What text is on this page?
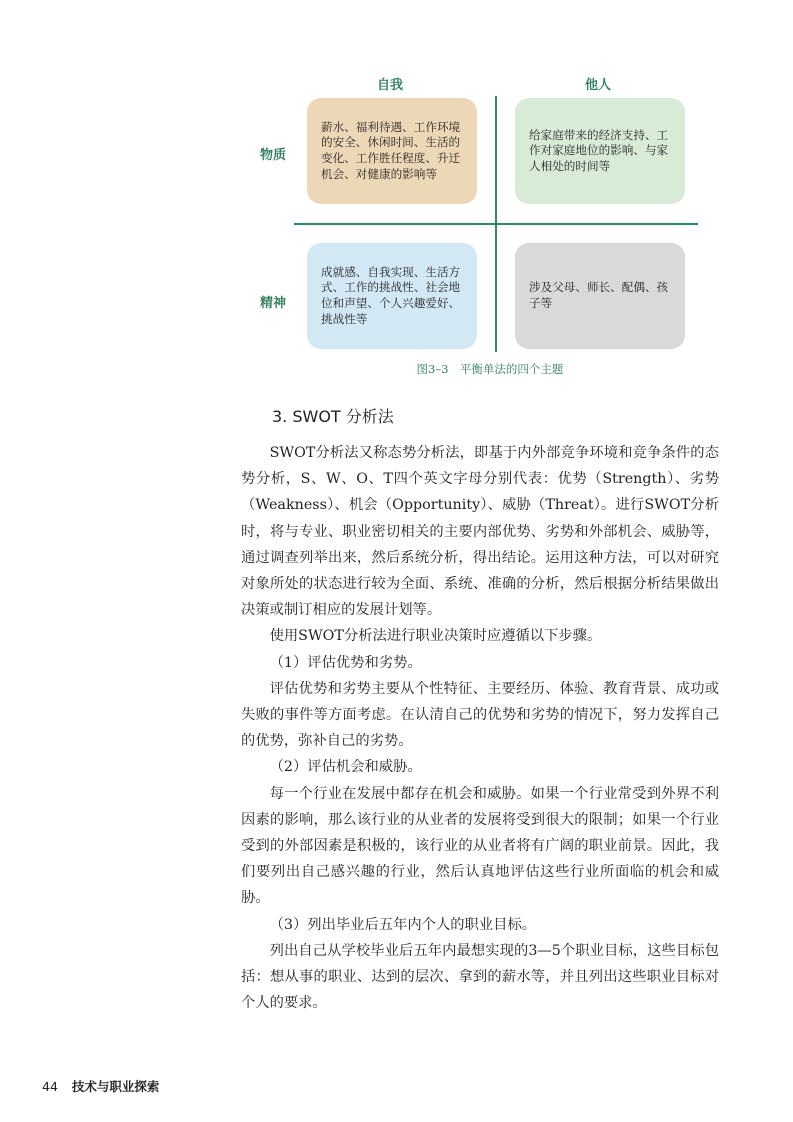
自我	他人
物质
精神
薪水、福利待遇、工作环境的安全、休闲时间、生活的变化、工作胜任程度、升迁机会、对健康的影响等
给家庭带来的经济支持、工作对家庭地位的影响、与家人相处的时间等
成就感、自我实现、生活方式、工作的挑战性、社会地位和声望、个人兴趣爱好、挑战性等
涉及父母、师长、配偶、孩子等
图3–3　平衡单法的四个主题
3. SWOT 分析法

SWOT分析法又称态势分析法，即基于内外部竞争环境和竞争条件的态势分析，S、W、O、T四个英文字母分别代表：优势（Strength）、劣势（Weakness）、机会（Opportunity）、威胁（Threat）。进行SWOT分析时，将与专业、职业密切相关的主要内部优势、劣势和外部机会、威胁等，通过调查列举出来，然后系统分析，得出结论。运用这种方法，可以对研究对象所处的状态进行较为全面、系统、准确的分析，然后根据分析结果做出决策或制订相应的发展计划等。

使用SWOT分析法进行职业决策时应遵循以下步骤。

（1）评估优势和劣势。

评估优势和劣势主要从个性特征、主要经历、体验、教育背景、成功或失败的事件等方面考虑。在认清自己的优势和劣势的情况下，努力发挥自己的优势，弥补自己的劣势。

（2）评估机会和威胁。

每一个行业在发展中都存在机会和威胁。如果一个行业常受到外界不利因素的影响，那么该行业的从业者的发展将受到很大的限制；如果一个行业受到的外部因素是积极的，该行业的从业者将有广阔的职业前景。因此，我们要列出自己感兴趣的行业，然后认真地评估这些行业所面临的机会和威胁。

（3）列出毕业后五年内个人的职业目标。

列出自己从学校毕业后五年内最想实现的3—5个职业目标，这些目标包括：想从事的职业、达到的层次、拿到的薪水等，并且列出这些职业目标对个人的要求。

44 技术与职业探索
